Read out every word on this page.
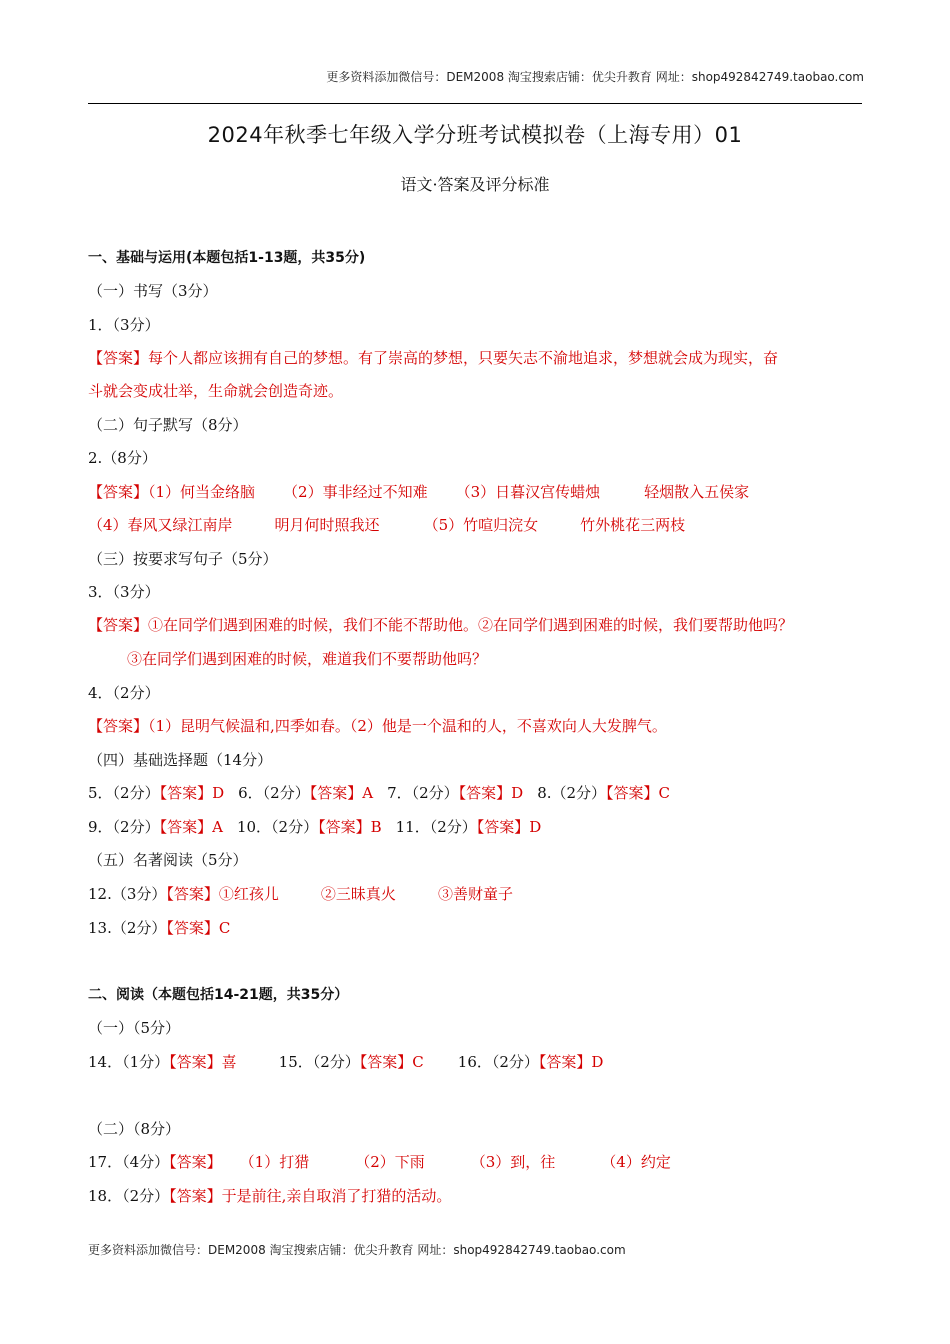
更多资料添加微信号：DEM2008 淘宝搜索店铺：优尖升教育 网址：shop492842749.taobao.com
2024年秋季七年级入学分班考试模拟卷（上海专用）01
语文·答案及评分标准
一、基础与运用(本题包括1-13题，共35分)
（一）书写（3分）
1．（3分）
【答案】每个人都应该拥有自己的梦想。有了崇高的梦想，只要矢志不渝地追求，梦想就会成为现实，奋
斗就会变成壮举，生命就会创造奇迹。
（二）句子默写（8分）
2.（8分）
【答案】（1）何当金络脑 （2）事非经过不知难 （3）日暮汉宫传蜡烛	轻烟散入五侯家
（4）春风又绿江南岸	明月何时照我还	（5）竹喧归浣女	竹外桃花三两枝
（三）按要求写句子（5分）
3．（3分）
【答案】①在同学们遇到困难的时候，我们不能不帮助他。②在同学们遇到困难的时候，我们要帮助他吗？
③在同学们遇到困难的时候，难道我们不要帮助他吗？
4．（2分）
【答案】（1）昆明气候温和,四季如春。（2）他是一个温和的人，不喜欢向人大发脾气。
（四）基础选择题（14分）
5．（2分）【答案】D 6．（2分）【答案】A 7．（2分）【答案】D 8.（2分）【答案】C
9．（2分）【答案】A 10．（2分）【答案】B 11．（2分）【答案】D
（五）名著阅读（5分）
12.（3分）【答案】①红孩儿	②三昧真火	③善财童子
13.（2分）【答案】C
二、阅读（本题包括14-21题，共35分）
（一）（5分）
14．（1分）【答案】喜	15．（2分）【答案】C 16．（2分）【答案】D
（二）（8分）
17．（4分）【答案】 （1）打猎	（2）下雨	（3）到，往	（4）约定
18．（2分）【答案】于是前往,亲自取消了打猎的活动。
更多资料添加微信号：DEM2008 淘宝搜索店铺：优尖升教育 网址：shop492842749.taobao.com
